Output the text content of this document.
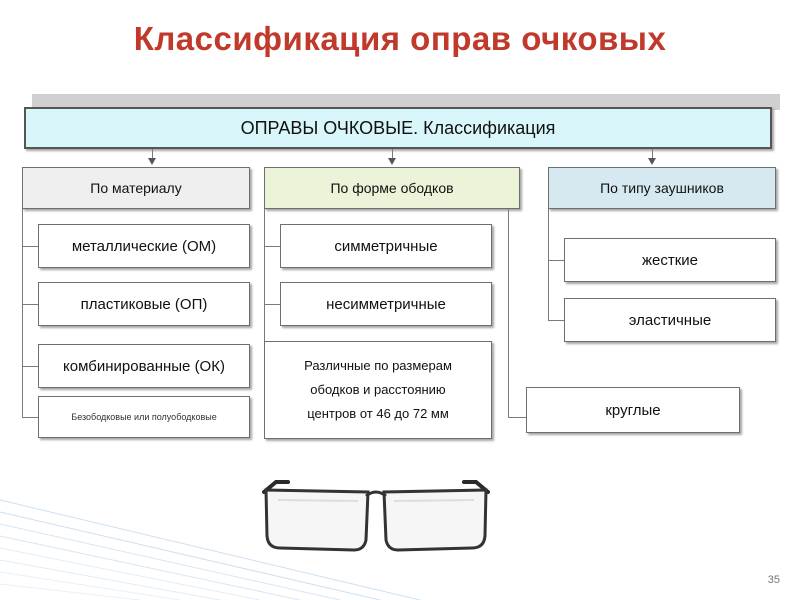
Классификация оправ очковых
ОПРАВЫ ОЧКОВЫЕ. Классификация
По материалу	По форме ободков	По типу заушников
металлические (ОМ)
пластиковые (ОП)
комбинированные (ОК)
Безободковые или полуободковые
симметричные
несимметричные
Различные по размерам
ободков и расстоянию
центров от 46 до 72 мм	круглые
жесткие
эластичные
35
